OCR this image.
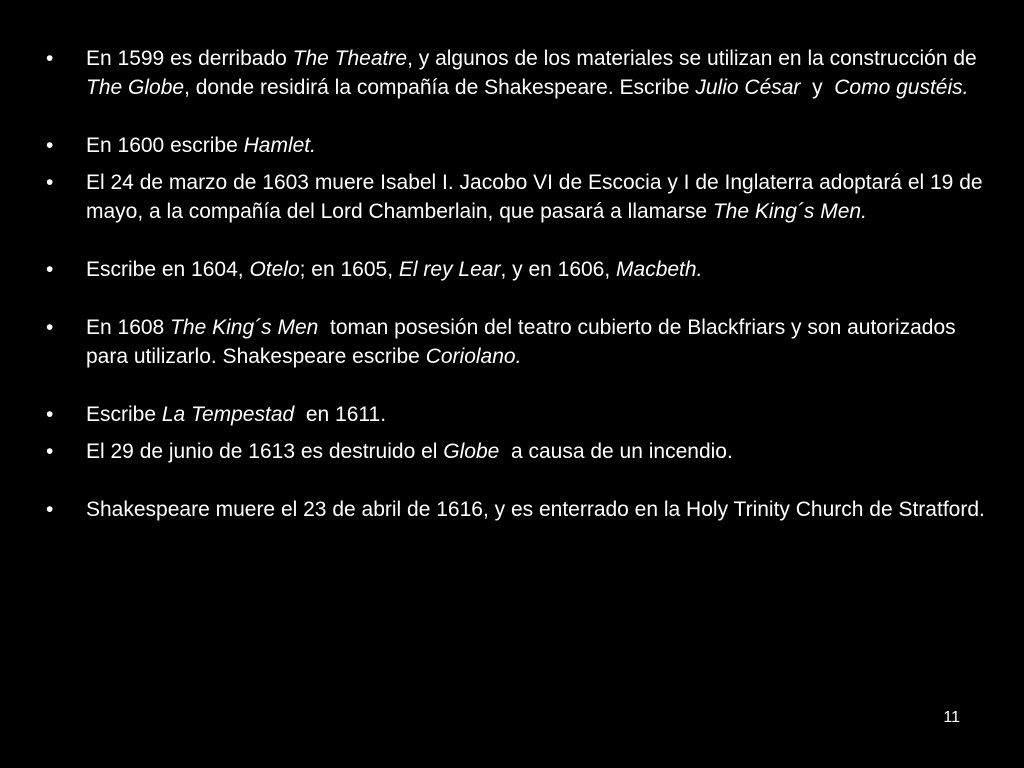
• En 1599 es derribado The Theatre, y algunos de los materiales se utilizan en la construcción de The Globe, donde residirá la compañía de Shakespeare. Escribe Julio César  y  Como gustéis.
• En 1600 escribe Hamlet.
• El 24 de marzo de 1603 muere Isabel I. Jacobo VI de Escocia y I de Inglaterra adoptará el 19 de mayo, a la compañía del Lord Chamberlain, que pasará a llamarse The King´s Men.
• Escribe en 1604, Otelo; en 1605, El rey Lear, y en 1606, Macbeth.
• En 1608 The King´s Men  toman posesión del teatro cubierto de Blackfriars y son autorizados para utilizarlo. Shakespeare escribe Coriolano.
• Escribe La Tempestad  en 1611.
• El 29 de junio de 1613 es destruido el Globe  a causa de un incendio.
• Shakespeare muere el 23 de abril de 1616, y es enterrado en la Holy Trinity Church de Stratford.
11
